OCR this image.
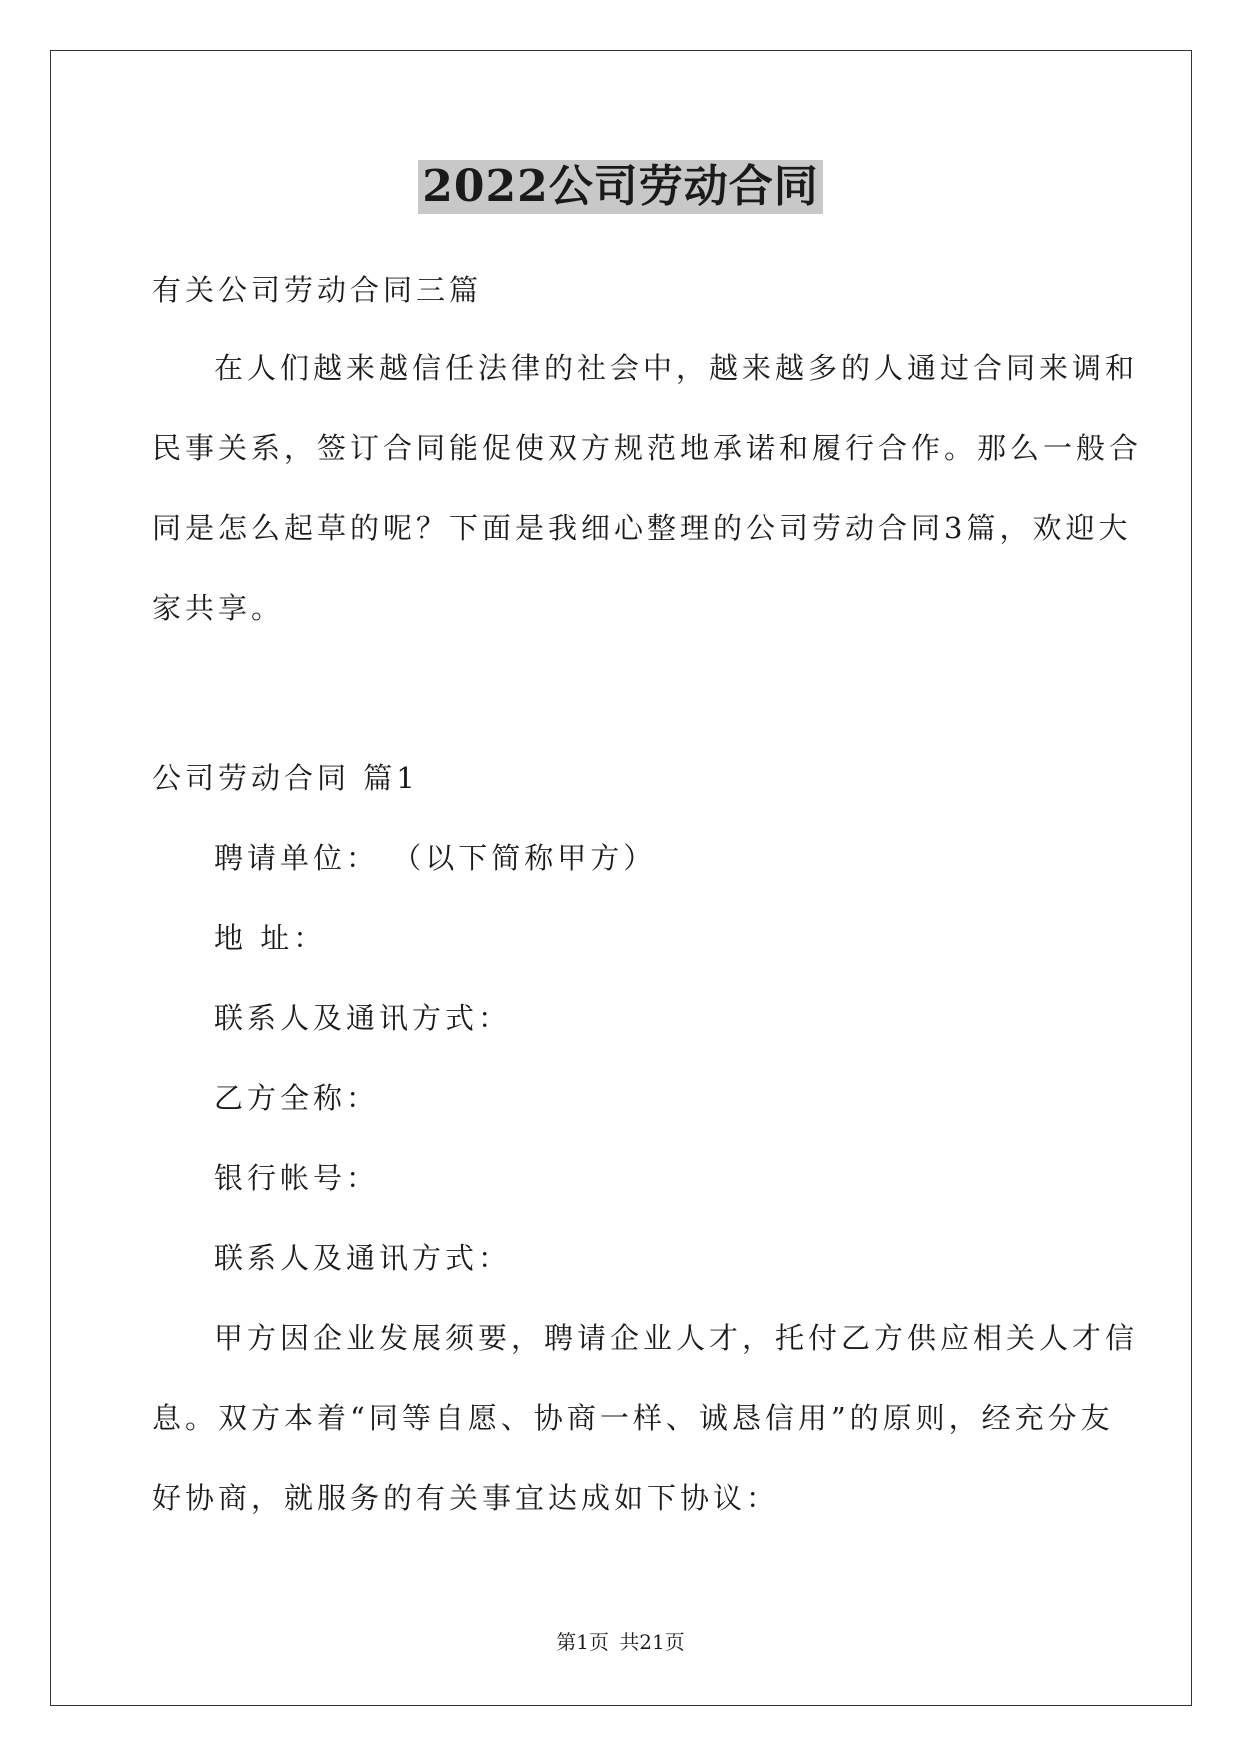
2022公司劳动合同
有关公司劳动合同三篇
在人们越来越信任法律的社会中，越来越多的人通过合同来调和
民事关系，签订合同能促使双方规范地承诺和履行合作。那么一般合
同是怎么起草的呢？下面是我细心整理的公司劳动合同3篇，欢迎大
家共享。
公司劳动合同 篇1
聘请单位： （以下简称甲方）
地 址：
联系人及通讯方式：
乙方全称：
银行帐号：
联系人及通讯方式：
甲方因企业发展须要，聘请企业人才，托付乙方供应相关人才信
息。双方本着“同等自愿、协商一样、诚恳信用”的原则，经充分友
好协商，就服务的有关事宜达成如下协议：
第1页 共21页
